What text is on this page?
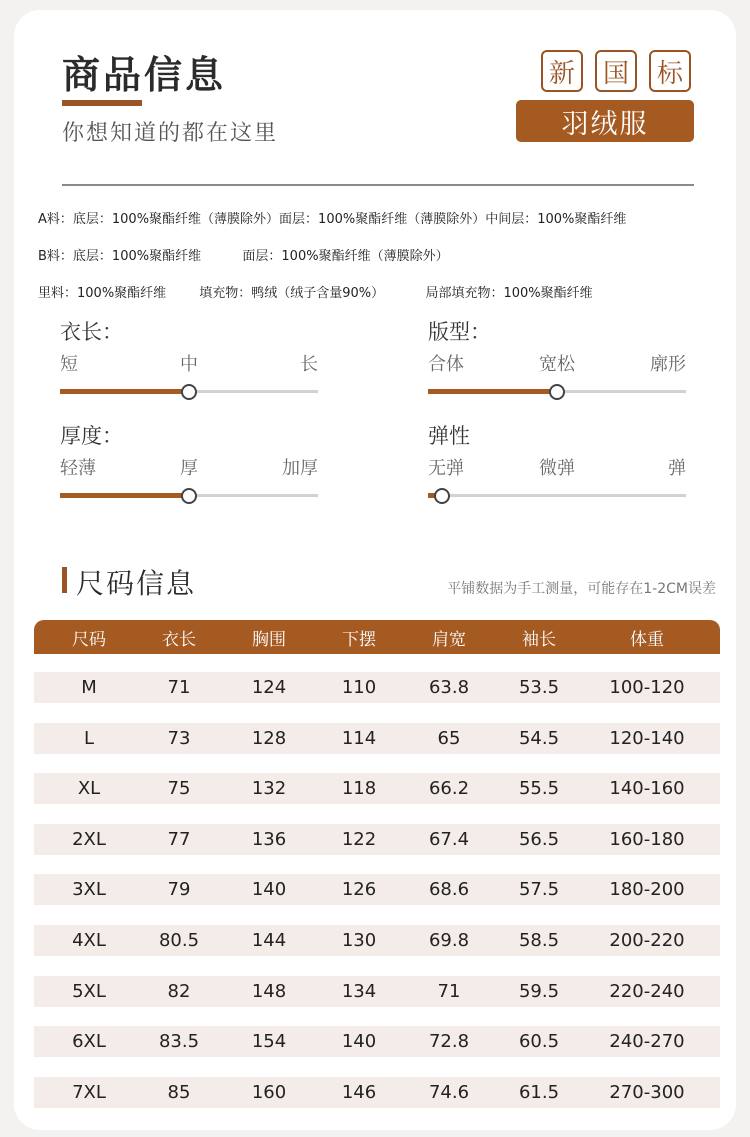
商品信息
你想知道的都在这里
新	国	标
羽绒服
A料：底层：100%聚酯纤维（薄膜除外）面层：100%聚酯纤维（薄膜除外）中间层：100%聚酯纤维
B料：底层：100%聚酯纤维          面层：100%聚酯纤维（薄膜除外）
里料：100%聚酯纤维        填充物：鸭绒（绒子含量90%）          局部填充物：100%聚酯纤维
衣长：
短	中	长
版型：
合体	宽松	廓形
厚度：
轻薄	厚	加厚
弹性
无弹	微弹	弹
尺码信息	平铺数据为手工测量，可能存在1-2CM误差
尺码	衣长	胸围	下摆	肩宽	袖长	体重
M	71	124	110	63.8	53.5	100-120
L	73	128	114	65	54.5	120-140
XL	75	132	118	66.2	55.5	140-160
2XL	77	136	122	67.4	56.5	160-180
3XL	79	140	126	68.6	57.5	180-200
4XL	80.5	144	130	69.8	58.5	200-220
5XL	82	148	134	71	59.5	220-240
6XL	83.5	154	140	72.8	60.5	240-270
7XL	85	160	146	74.6	61.5	270-300
